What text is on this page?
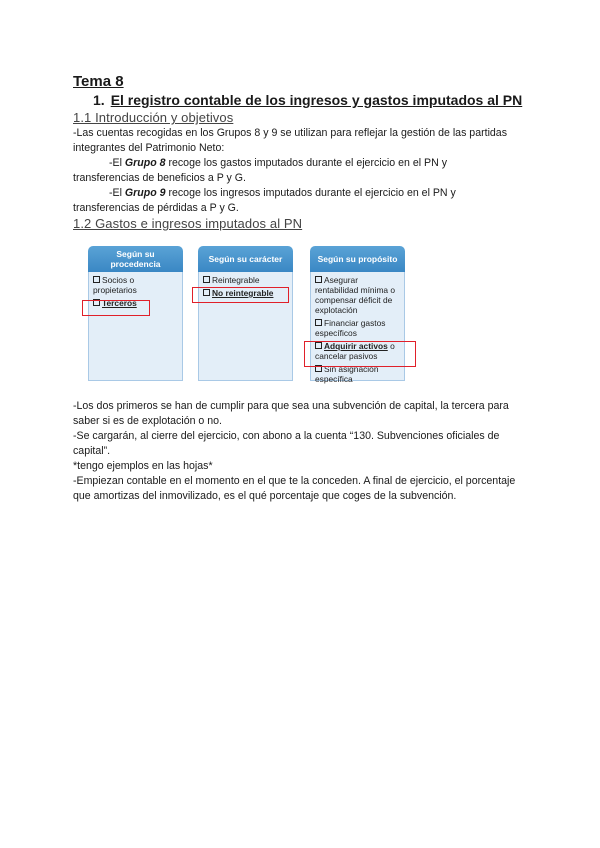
Tema 8
1. El registro contable de los ingresos y gastos imputados al PN
1.1 Introducción y objetivos

-Las cuentas recogidas en los Grupos 8 y 9 se utilizan para reflejar la gestión de las partidas integrantes del Patrimonio Neto:

-El Grupo 8 recoge los gastos imputados durante el ejercicio en el PN y

transferencias de beneficios a P y G.

-El Grupo 9 recoge los ingresos imputados durante el ejercicio en el PN y

transferencias de pérdidas a P y G.

1.2 Gastos e ingresos imputados al PN
Según su procedencia
Socios o propietarios
Terceros
Según su carácter
Reintegrable
No reintegrable
Según su propósito
Asegurar rentabilidad mínima o compensar déficit de explotación
Financiar gastos específicos
Adquirir activos o cancelar pasivos
Sin asignación específica

-Los dos primeros se han de cumplir para que sea una subvención de capital, la tercera para saber si es de explotación o no.

-Se cargarán, al cierre del ejercicio, con abono a la cuenta “130. Subvenciones oficiales de capital”.

*tengo ejemplos en las hojas*

-Empiezan contable en el momento en el que te la conceden. A final de ejercicio, el porcentaje que amortizas del inmovilizado, es el qué porcentaje que coges de la subvención.
